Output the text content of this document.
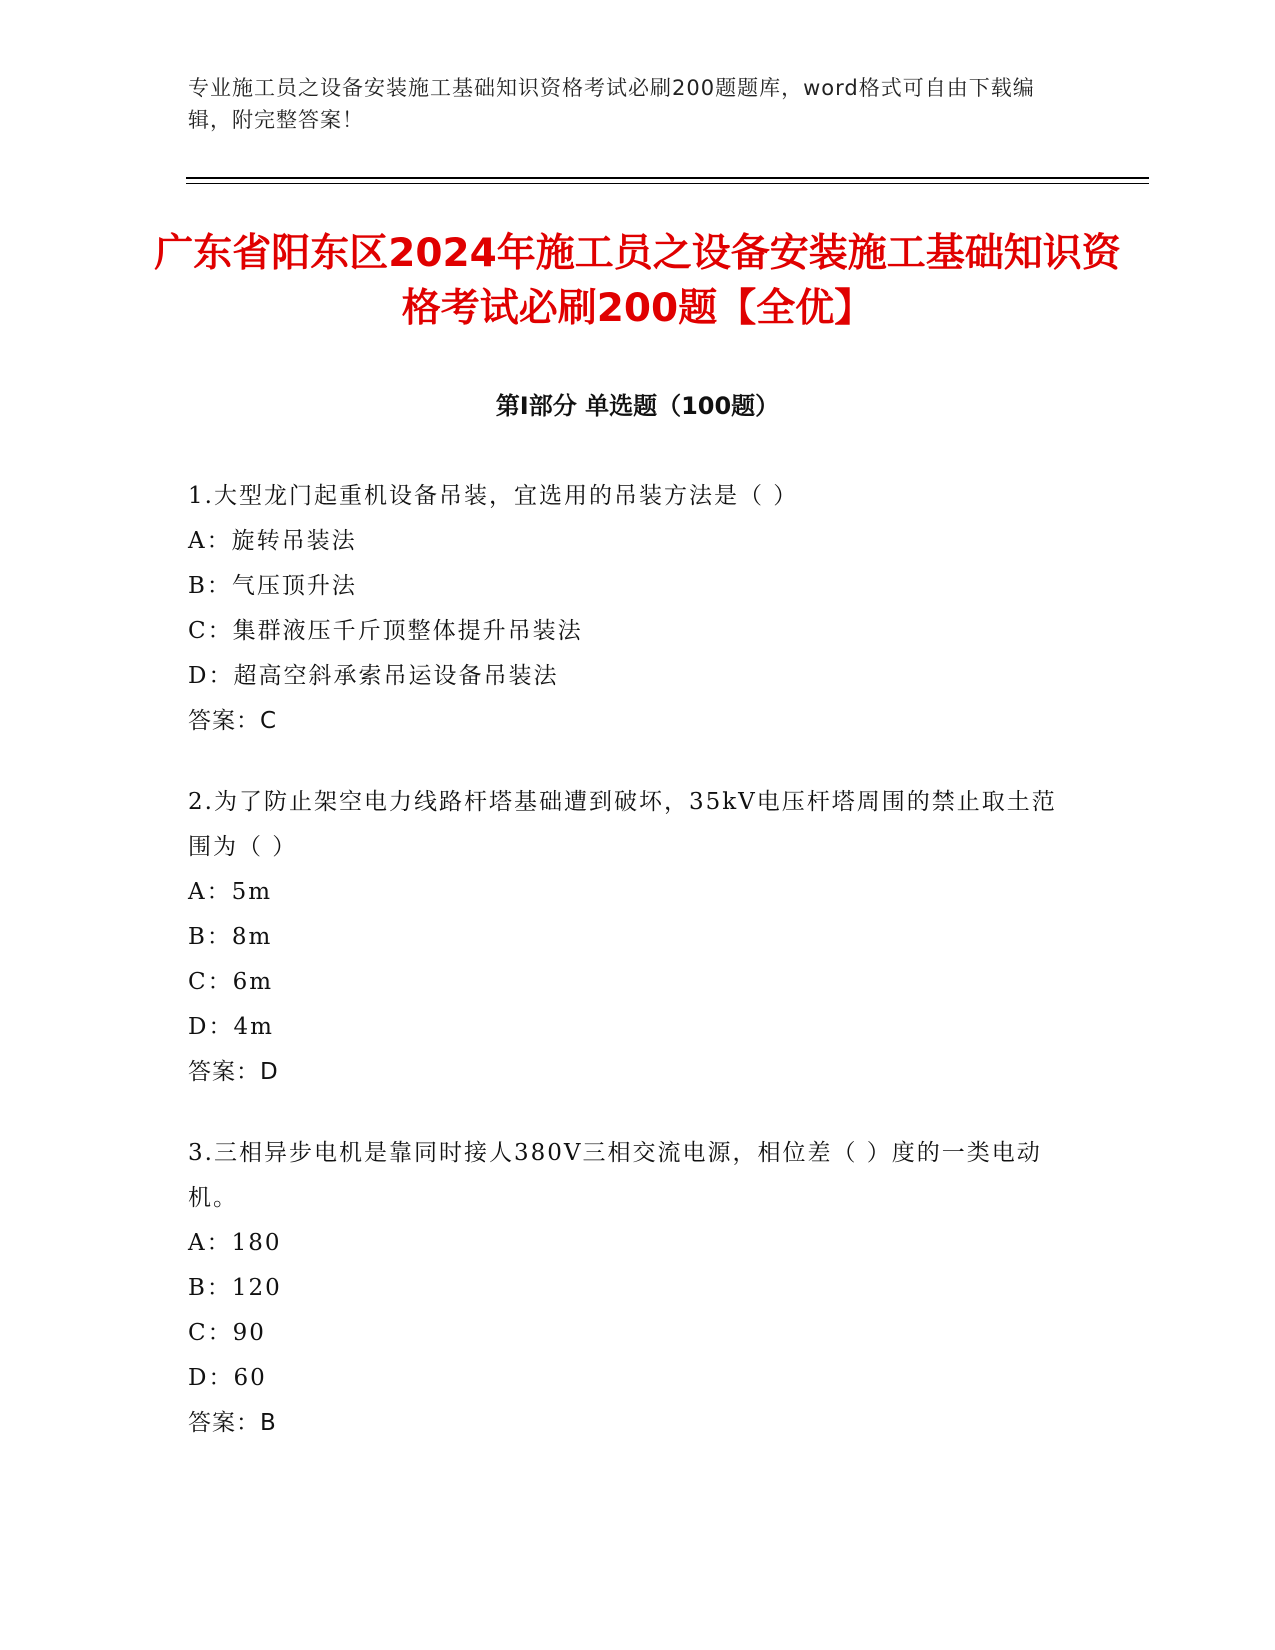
专业施工员之设备安装施工基础知识资格考试必刷200题题库，word格式可自由下载编辑，附完整答案！
广东省阳东区2024年施工员之设备安装施工基础知识资格考试必刷200题【全优】
第Ⅰ部分 单选题（100题）

1.大型龙门起重机设备吊装，宜选用的吊装方法是（ ）

A：旋转吊装法

B：气压顶升法

C：集群液压千斤顶整体提升吊装法

D：超高空斜承索吊运设备吊装法

答案：C

2.为了防止架空电力线路杆塔基础遭到破坏，35kV电压杆塔周围的禁止取土范围为（ ）

A：5m

B：8m

C：6m

D：4m

答案：D

3.三相异步电机是靠同时接人380V三相交流电源，相位差（ ）度的一类电动机。

A：180

B：120

C：90

D：60

答案：B
